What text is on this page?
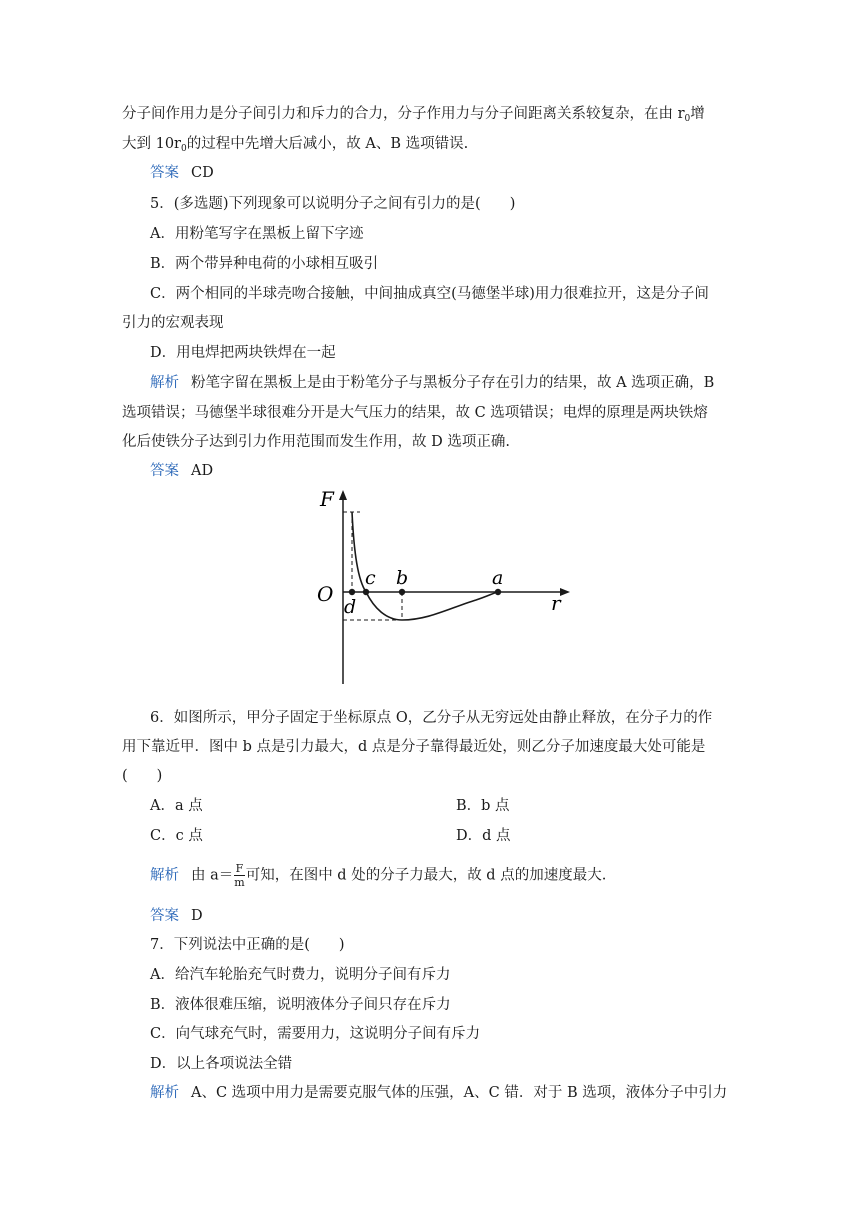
分子间作用力是分子间引力和斥力的合力，分子作用力与分子间距离关系较复杂，在由 $r_0$增
大到 $10r_0$的过程中先增大后减小，故 A、B 选项错误.
答案 CD
5．(多选题)下列现象可以说明分子之间有引力的是(　　)
A．用粉笔写字在黑板上留下字迹
B．两个带异种电荷的小球相互吸引
C．两个相同的半球壳吻合接触，中间抽成真空(马德堡半球)用力很难拉开，这是分子间
引力的宏观表现
D．用电焊把两块铁焊在一起
解析 粉笔字留在黑板上是由于粉笔分子与黑板分子存在引力的结果，故 A 选项正确，B
选项错误；马德堡半球很难分开是大气压力的结果，故 C 选项错误；电焊的原理是两块铁熔
化后使铁分子达到引力作用范围而发生作用，故 D 选项正确.
答案 AD
F
r
O
c b	a
d
6．如图所示，甲分子固定于坐标原点 O，乙分子从无穷远处由静止释放，在分子力的作
用下靠近甲．图中 b 点是引力最大，d 点是分子靠得最近处，则乙分子加速度最大处可能是
(　　)
A．a 点	B．b 点
C．c 点	D．d 点
解析 由 $a= \frac{F}{m}$ 可知，在图中 d 处的分子力最大，故 d 点的加速度最大.
答案 D
7．下列说法中正确的是(　　)
A．给汽车轮胎充气时费力，说明分子间有斥力
B．液体很难压缩，说明液体分子间只存在斥力
C．向气球充气时，需要用力，这说明分子间有斥力
D．以上各项说法全错
解析 A、C 选项中用力是需要克服气体的压强，A、C 错．对于 B 选项，液体分子中引力
